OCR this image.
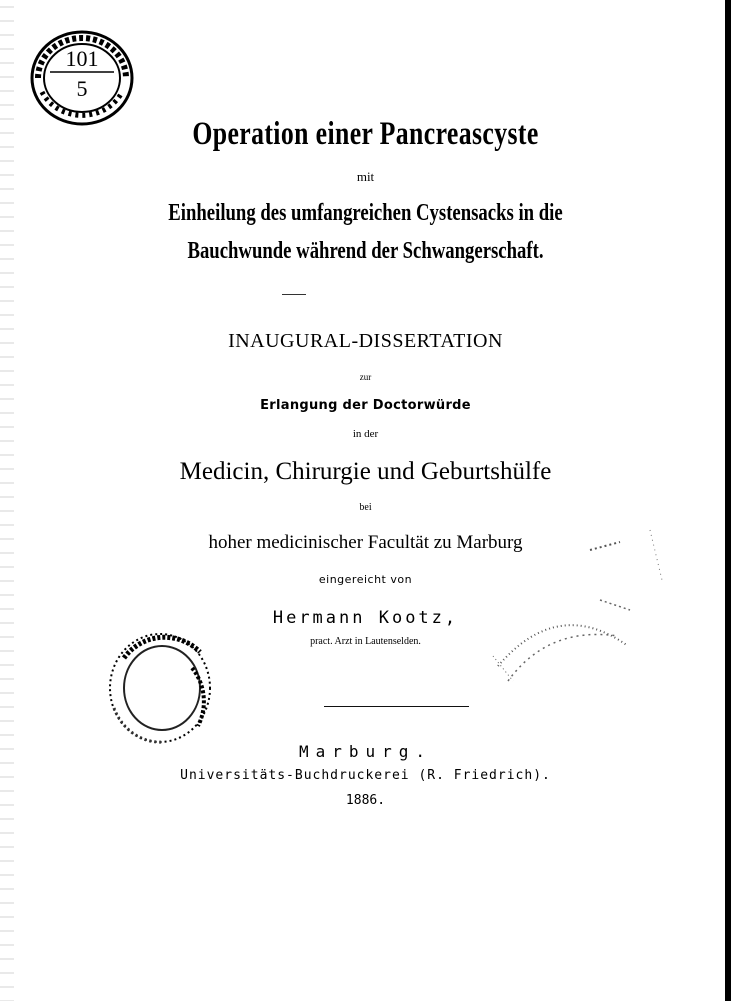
101
5
Operation einer Pancreascyste
mit
Einheilung des umfangreichen Cystensacks in die
Bauchwunde während der Schwangerschaft.
INAUGURAL-DISSERTATION
zur
Erlangung der Doctorwürde
in der
Medicin, Chirurgie und Geburtshülfe
bei
hoher medicinischer Facultät zu Marburg
eingereicht von
Hermann Kootz,
pract. Arzt in Lautenselden.
Marburg.
Universitäts-Buchdruckerei (R. Friedrich).
1886.
